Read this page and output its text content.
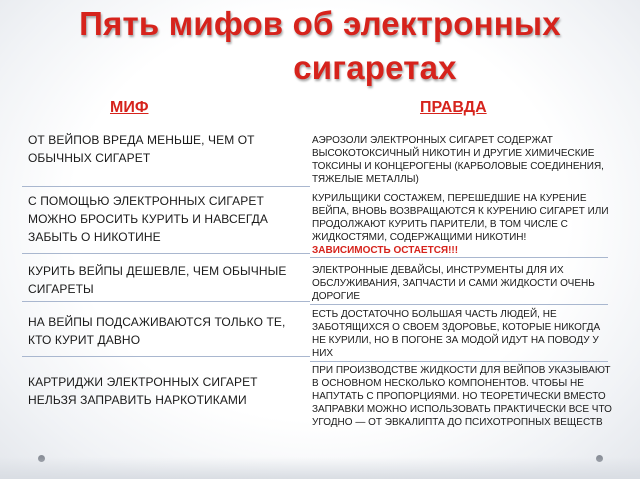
Пять мифов об электронных
сигаретах
МИФ	ПРАВДА
ОТ ВЕЙПОВ ВРЕДА МЕНЬШЕ, ЧЕМ ОТ ОБЫЧНЫХ СИГАРЕТ
АЭРОЗОЛИ ЭЛЕКТРОННЫХ СИГАРЕТ СОДЕРЖАТ ВЫСОКОТОКСИЧНЫЙ НИКОТИН И ДРУГИЕ ХИМИЧЕСКИЕ ТОКСИНЫ И КОНЦЕРОГЕНЫ (КАРБОЛОВЫЕ СОЕДИНЕНИЯ, ТЯЖЕЛЫЕ МЕТАЛЛЫ)
С ПОМОЩЬЮ ЭЛЕКТРОННЫХ СИГАРЕТ МОЖНО БРОСИТЬ КУРИТЬ И НАВСЕГДА ЗАБЫТЬ О НИКОТИНЕ
КУРИЛЬЩИКИ СОСТАЖЕМ, ПЕРЕШЕДШИЕ НА КУРЕНИЕ ВЕЙПА, ВНОВЬ ВОЗВРАЩАЮТСЯ К КУРЕНИЮ СИГАРЕТ ИЛИ ПРОДОЛЖАЮТ КУРИТЬ ПАРИТЕЛИ, В ТОМ ЧИСЛЕ С ЖИДКОСТЯМИ, СОДЕРЖАЩИМИ НИКОТИН!
ЗАВИСИМОСТЬ ОСТАЕТСЯ!!!
КУРИТЬ ВЕЙПЫ ДЕШЕВЛЕ, ЧЕМ ОБЫЧНЫЕ СИГАРЕТЫ
ЭЛЕКТРОННЫЕ ДЕВАЙСЫ, ИНСТРУМЕНТЫ ДЛЯ ИХ ОБСЛУЖИВАНИЯ, ЗАПЧАСТИ И САМИ ЖИДКОСТИ ОЧЕНЬ ДОРОГИЕ
НА ВЕЙПЫ ПОДСАЖИВАЮТСЯ ТОЛЬКО ТЕ, КТО КУРИТ ДАВНО
ЕСТЬ ДОСТАТОЧНО БОЛЬШАЯ ЧАСТЬ ЛЮДЕЙ, НЕ ЗАБОТЯЩИХСЯ О СВОЕМ ЗДОРОВЬЕ, КОТОРЫЕ НИКОГДА НЕ КУРИЛИ, НО В ПОГОНЕ ЗА МОДОЙ ИДУТ НА ПОВОДУ У НИХ
КАРТРИДЖИ ЭЛЕКТРОННЫХ СИГАРЕТ НЕЛЬЗЯ ЗАПРАВИТЬ НАРКОТИКАМИ
ПРИ ПРОИЗВОДСТВЕ ЖИДКОСТИ ДЛЯ ВЕЙПОВ УКАЗЫВАЮТ В ОСНОВНОМ НЕСКОЛЬКО КОМПОНЕНТОВ. ЧТОБЫ НЕ НАПУТАТЬ С ПРОПОРЦИЯМИ. НО ТЕОРЕТИЧЕСКИ ВМЕСТО ЗАПРАВКИ МОЖНО ИСПОЛЬЗОВАТЬ ПРАКТИЧЕСКИ ВСЕ ЧТО УГОДНО — ОТ ЭВКАЛИПТА ДО ПСИХОТРОПНЫХ ВЕЩЕСТВ
